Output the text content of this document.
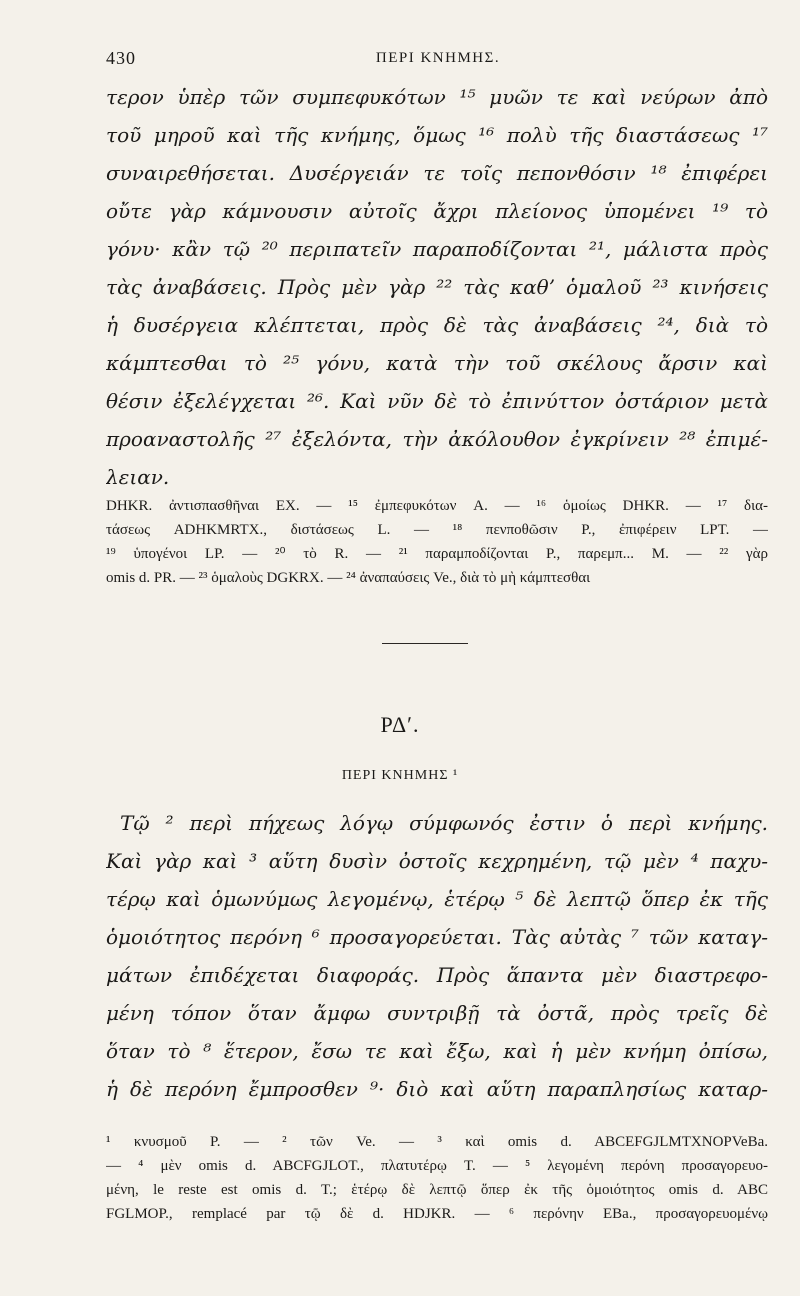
430	ΠΕΡΙ ΚΝΗΜΗΣ.
τερον ὑπὲρ τῶν συμπεφυκότων ¹⁵ μυῶν τε καὶ νεύρων ἀπὸ
τοῦ μηροῦ καὶ τῆς κνήμης, ὅμως ¹⁶ πολὺ τῆς διαστάσεως ¹⁷
συναιρεθήσεται. Δυσέργειάν τε τοῖς πεπονθόσιν ¹⁸ ἐπιφέρει
οὔτε γὰρ κάμνουσιν αὐτοῖς ἄχρι πλείονος ὑπομένει ¹⁹ τὸ
γόνυ· κἂν τῷ ²⁰ περιπατεῖν παραποδίζονται ²¹, μάλιστα πρὸς
τὰς ἀναβάσεις. Πρὸς μὲν γὰρ ²² τὰς καθ’ ὁμαλοῦ ²³ κινήσεις
ἡ δυσέργεια κλέπτεται, πρὸς δὲ τὰς ἀναβάσεις ²⁴, διὰ τὸ
κάμπτεσθαι τὸ ²⁵ γόνυ, κατὰ τὴν τοῦ σκέλους ἄρσιν καὶ
θέσιν ἐξελέγχεται ²⁶. Καὶ νῦν δὲ τὸ ἐπινύττον ὀστάριον μετὰ
προαναστολῆς ²⁷ ἐξελόντα, τὴν ἀκόλουθον ἐγκρίνειν ²⁸ ἐπιμέ-
λειαν.
DHKR. ἀντισπασθῆναι EX. — ¹⁵ ἐμπεφυκότων A. — ¹⁶ ὁμοίως DHKR. — ¹⁷ δια-
τάσεως ADHKMRTX., διστάσεως L. — ¹⁸ πενποθῶσιν P., ἐπιφέρειν LPT. —
¹⁹ ὑπογένοι LP. — ²⁰ τὸ R. — ²¹ παραμποδίζονται P., παρεμπ... M. — ²² γὰρ
omis d. PR. — ²³ ὁμαλοὺς DGKRX. — ²⁴ ἀναπαύσεις Ve., διὰ τὸ μὴ κάμπτεσθαι
ΡΔʹ.
ΠΕΡΙ ΚΝΗΜΗΣ ¹
Τῷ ² περὶ πήχεως λόγῳ σύμφωνός ἐστιν ὁ περὶ κνήμης.
Καὶ γὰρ καὶ ³ αὕτη δυσὶν ὀστοῖς κεχρημένη, τῷ μὲν ⁴ παχυ-
τέρῳ καὶ ὁμωνύμως λεγομένῳ, ἑτέρῳ ⁵ δὲ λεπτῷ ὅπερ ἐκ τῆς
ὁμοιότητος περόνη ⁶ προσαγορεύεται. Τὰς αὐτὰς ⁷ τῶν καταγ-
μάτων ἐπιδέχεται διαφοράς. Πρὸς ἅπαντα μὲν διαστρεφο-
μένη τόπον ὅταν ἄμφω συντριβῇ τὰ ὀστᾶ, πρὸς τρεῖς δὲ
ὅταν τὸ ⁸ ἕτερον, ἔσω τε καὶ ἔξω, καὶ ἡ μὲν κνήμη ὀπίσω,
ἡ δὲ περόνη ἔμπροσθεν ⁹· διὸ καὶ αὕτη παραπλησίως καταρ-
¹ κνυσμοῦ P. — ² τῶν Ve. — ³ καὶ omis d. ABCEFGJLMTXNOPVeBa.
— ⁴ μὲν omis d. ABCFGJLOT., πλατυτέρῳ T. — ⁵ λεγομένη περόνη προσαγορευο-
μένη, le reste est omis d. T.; ἑτέρῳ δὲ λεπτῷ ὅπερ ἐκ τῆς ὁμοιότητος omis d. ABC
FGLMOP., remplacé par τῷ δὲ d. HDJKR. — ⁶ περόνην EBa., προσαγορευομένῳ
